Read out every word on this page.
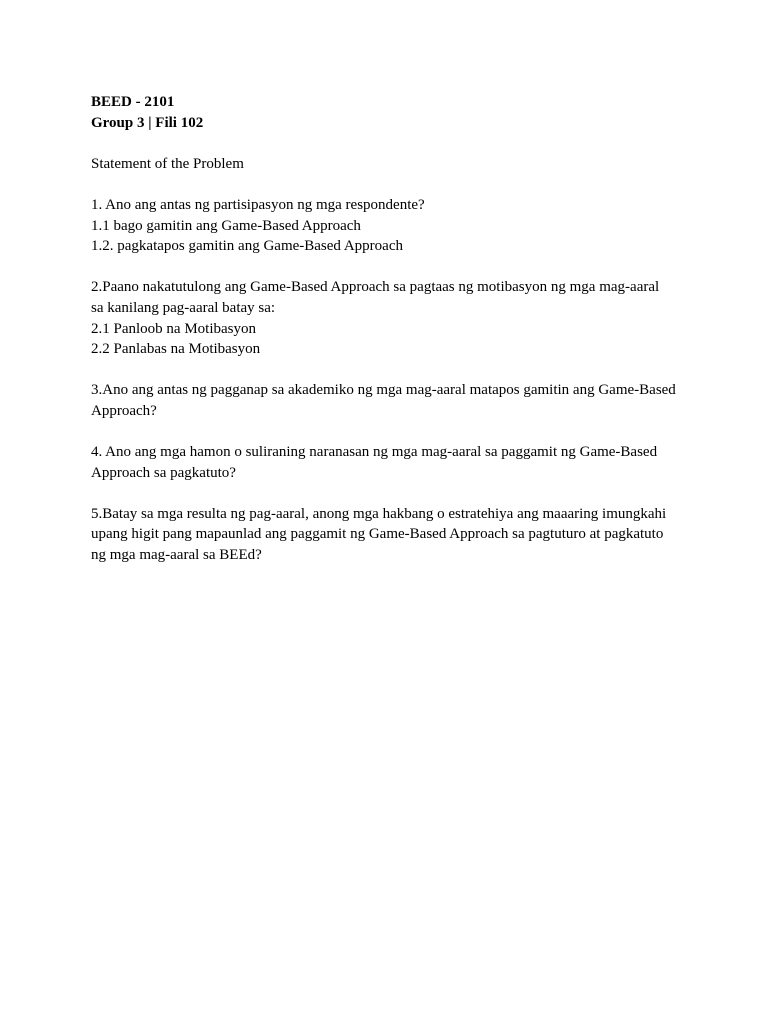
BEED - 2101
Group 3 | Fili 102
Statement of the Problem
1. Ano ang antas ng partisipasyon ng mga respondente?
1.1 bago gamitin ang Game-Based Approach
1.2. pagkatapos gamitin ang Game-Based Approach
2.Paano nakatutulong ang Game-Based Approach sa pagtaas ng motibasyon ng mga mag-aaral
sa kanilang pag-aaral batay sa:
2.1 Panloob na Motibasyon
2.2 Panlabas na Motibasyon
3.Ano ang antas ng pagganap sa akademiko ng mga mag-aaral matapos gamitin ang Game-Based
Approach?
4. Ano ang mga hamon o suliraning naranasan ng mga mag-aaral sa paggamit ng Game-Based
Approach sa pagkatuto?
5.Batay sa mga resulta ng pag-aaral, anong mga hakbang o estratehiya ang maaaring imungkahi
upang higit pang mapaunlad ang paggamit ng Game-Based Approach sa pagtuturo at pagkatuto
ng mga mag-aaral sa BEEd?
